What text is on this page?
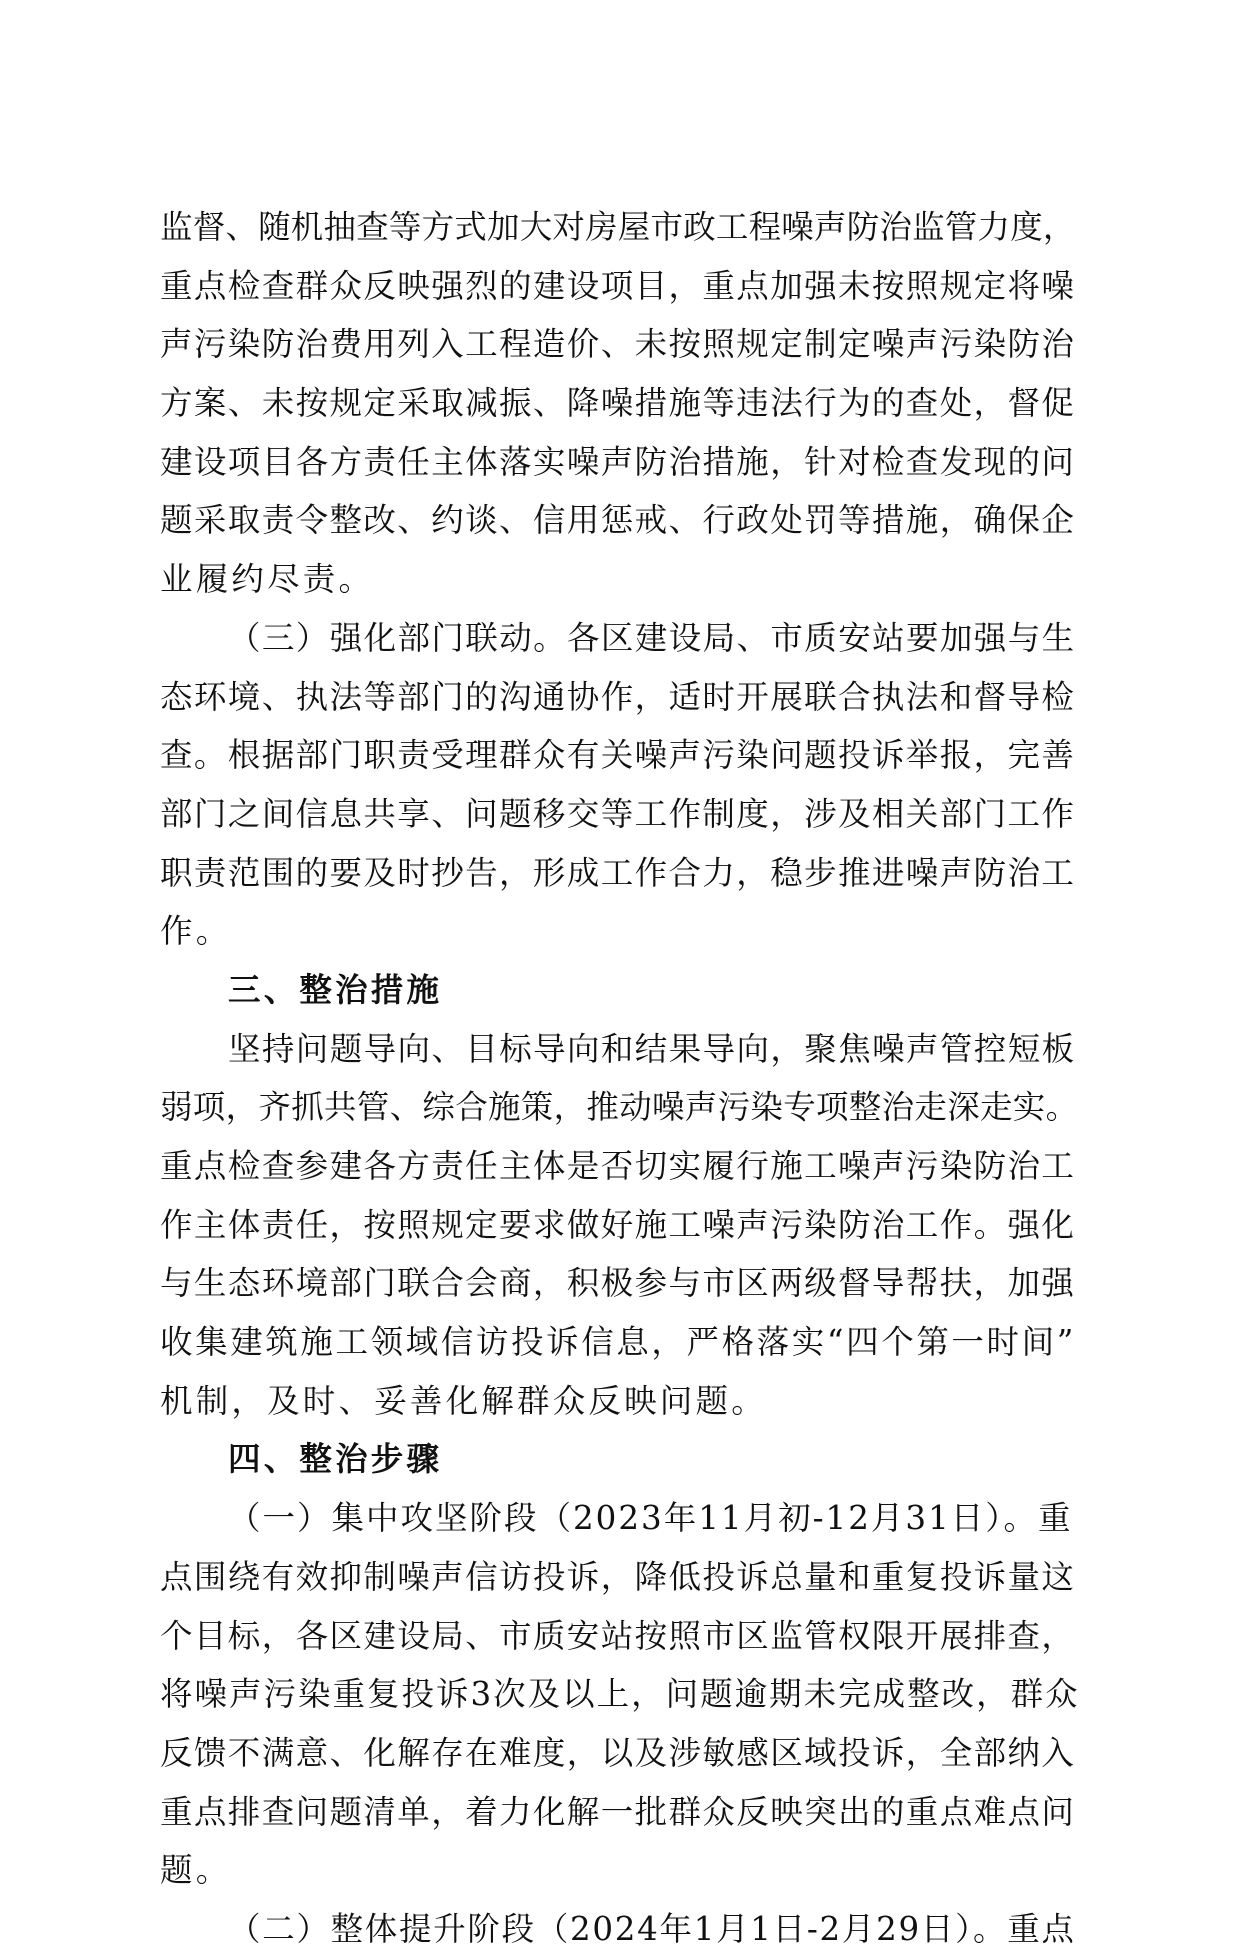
监督、随机抽查等方式加大对房屋市政工程噪声防治监管力度，
重点检查群众反映强烈的建设项目，重点加强未按照规定将噪
声污染防治费用列入工程造价、未按照规定制定噪声污染防治
方案、未按规定采取减振、降噪措施等违法行为的查处，督促
建设项目各方责任主体落实噪声防治措施，针对检查发现的问
题采取责令整改、约谈、信用惩戒、行政处罚等措施，确保企
业履约尽责。
（三）强化部门联动。各区建设局、市质安站要加强与生
态环境、执法等部门的沟通协作，适时开展联合执法和督导检
查。根据部门职责受理群众有关噪声污染问题投诉举报，完善
部门之间信息共享、问题移交等工作制度，涉及相关部门工作
职责范围的要及时抄告，形成工作合力，稳步推进噪声防治工
作。
三、整治措施
坚持问题导向、目标导向和结果导向，聚焦噪声管控短板
弱项，齐抓共管、综合施策，推动噪声污染专项整治走深走实。
重点检查参建各方责任主体是否切实履行施工噪声污染防治工
作主体责任，按照规定要求做好施工噪声污染防治工作。强化
与生态环境部门联合会商，积极参与市区两级督导帮扶，加强
收集建筑施工领域信访投诉信息，严格落实“四个第一时间”
机制，及时、妥善化解群众反映问题。
四、整治步骤
（一）集中攻坚阶段（2023年11月初-12月31日）。重
点围绕有效抑制噪声信访投诉，降低投诉总量和重复投诉量这
个目标，各区建设局、市质安站按照市区监管权限开展排查，
将噪声污染重复投诉3次及以上，问题逾期未完成整改，群众
反馈不满意、化解存在难度，以及涉敏感区域投诉，全部纳入
重点排查问题清单，着力化解一批群众反映突出的重点难点问
题。
（二）整体提升阶段（2024年1月1日-2月29日）。重点
